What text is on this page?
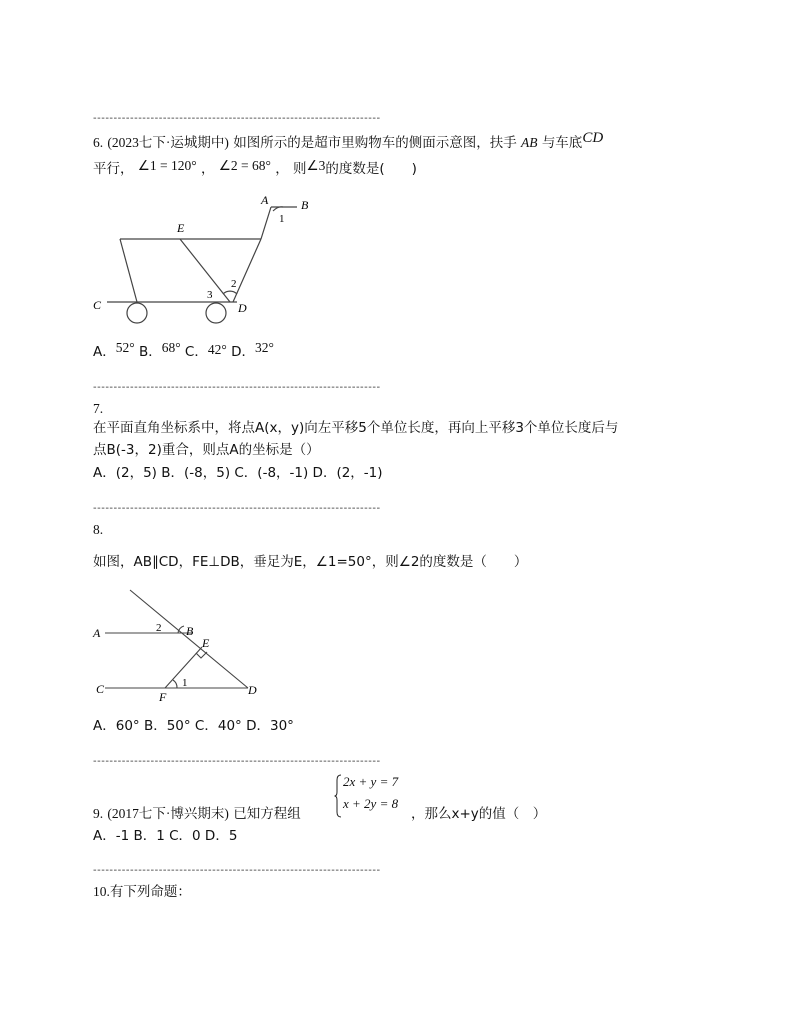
----------------------------------------------------------------------
6. (2023七下·运城期中) 如图所示的是超市里购物车的侧面示意图，扶手 AB 与车底CD
平行， ∠1 = 120° ， ∠2 = 68° ， 则∠3的度数是(　　)
A	B
1
E
2
3
C	D
A．52° B．68° C．42° D．32°
----------------------------------------------------------------------
7.
在平面直角坐标系中，将点A(x，y)向左平移5个单位长度，再向上平移3个单位长度后与
点B(-3，2)重合，则点A的坐标是（）
A．(2，5) B．(-8，5) C．(-8，-1) D．(2，-1)
----------------------------------------------------------------------
8.
如图，AB∥CD，FE⊥DB，垂足为E，∠1=50°，则∠2的度数是（　　）
A	2 B
E
C
F
1	D
A．60° B．50° C．40° D．30°
----------------------------------------------------------------------
9. (2017七下·博兴期末) 已知方程组
2x + y = 7
x + 2y = 8
，那么x+y的值（　）
A．-1 B．1 C．0 D．5
----------------------------------------------------------------------
10.有下列命题：
